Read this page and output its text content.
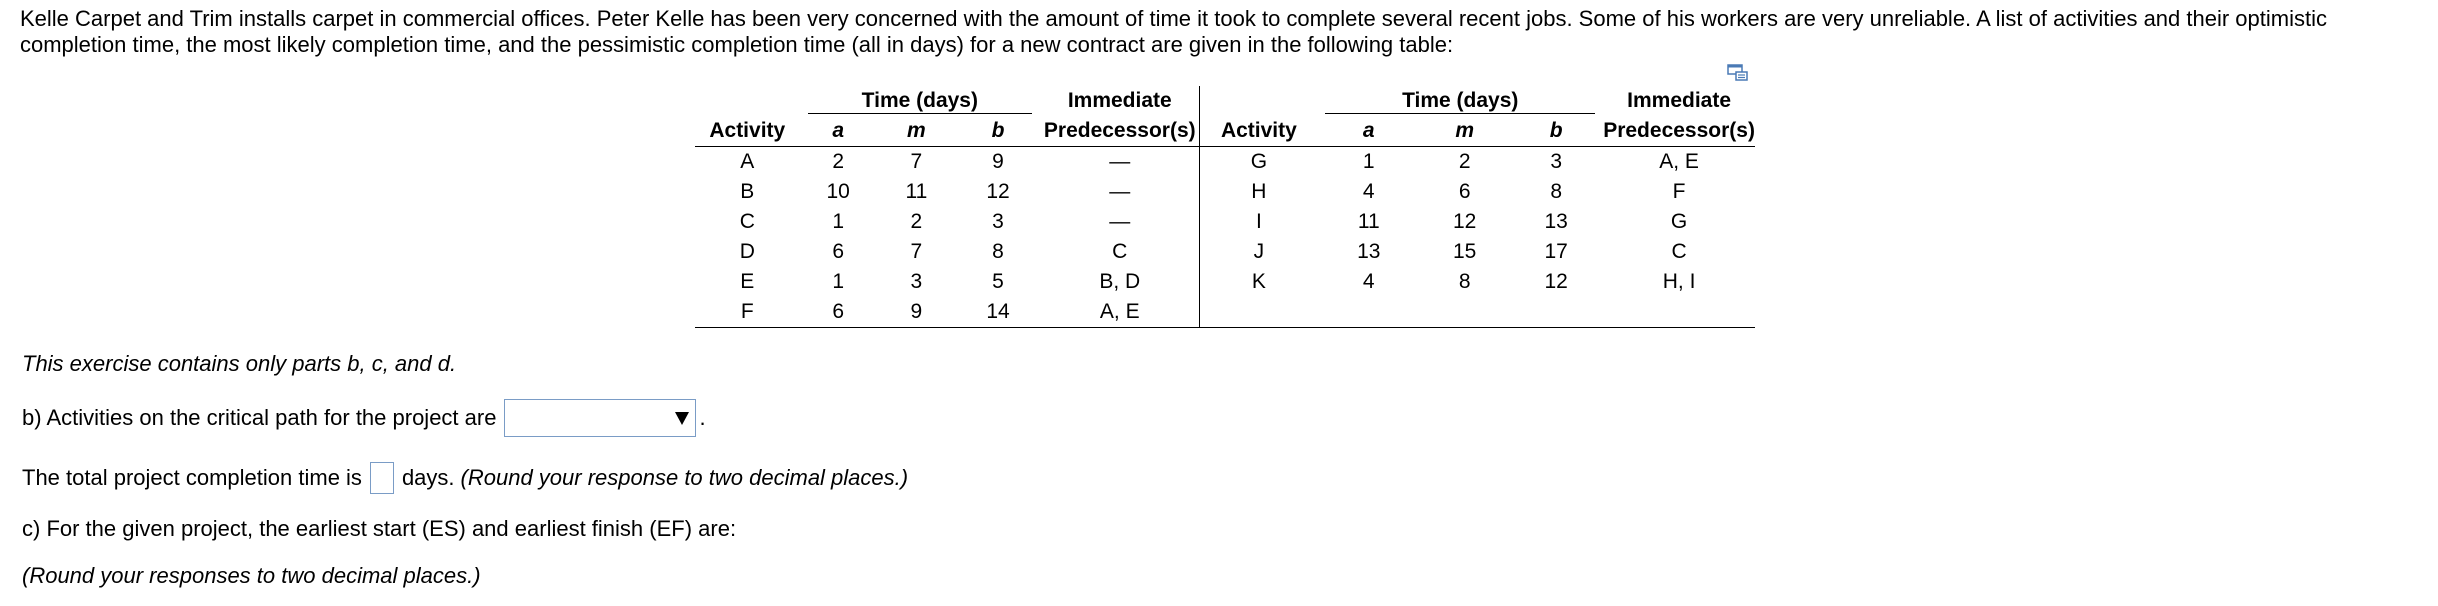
Kelle Carpet and Trim installs carpet in commercial offices. Peter Kelle has been very concerned with the amount of time it took to complete several recent jobs. Some of his workers are very unreliable. A list of activities and their optimistic completion time, the most likely completion time, and the pessimistic completion time (all in days) for a new contract are given in the following table:

	Time (days)			Immediate		Time (days)			Immediate
Activity	a	m	b	Predecessor(s)	Activity	a	m	b	Predecessor(s)
A	2	7	9	—	G	1	2	3	A, E
B	10	11	12	—	H	4	6	8	F
C	1	2	3	—	I	11	12	13	G
D	6	7	8	C	J	13	15	17	C
E	1	3	5	B, D	K	4	8	12	H, I
F	6	9	14	A, E					

This exercise contains only parts b, c, and d.

b) Activities on the critical path for the project are	.
The total project completion time is days. (Round your response to two decimal places.)

c) For the given project, the earliest start (ES) and earliest finish (EF) are:

(Round your responses to two decimal places.)
